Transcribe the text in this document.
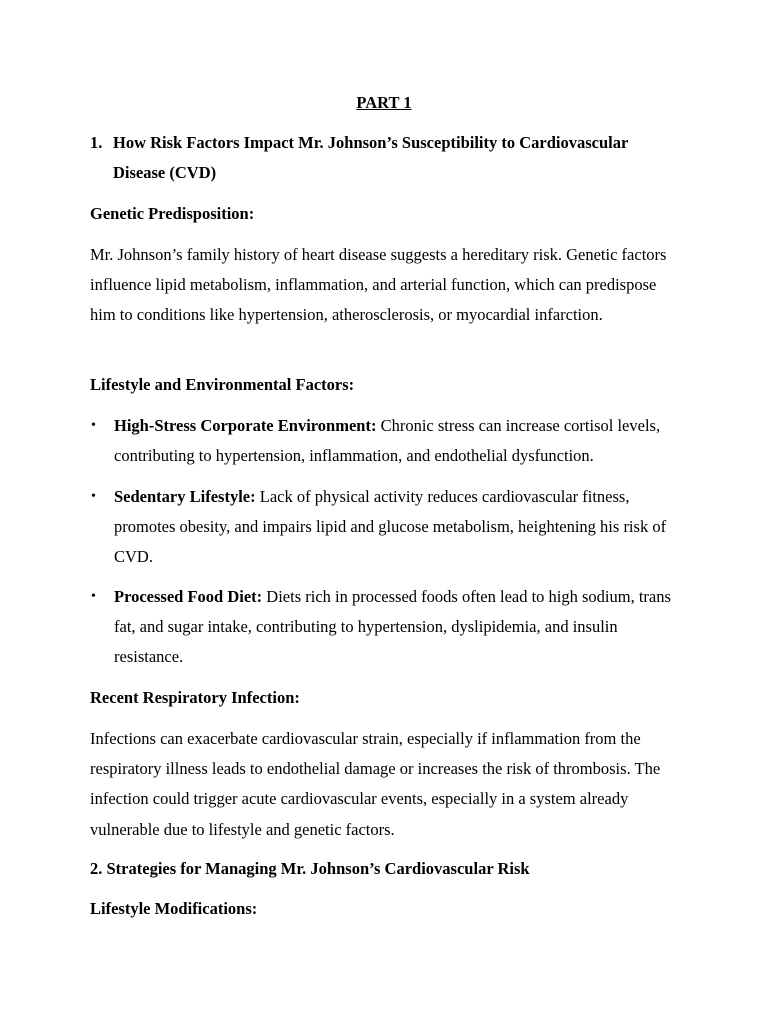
PART 1

1. How Risk Factors Impact Mr. Johnson’s Susceptibility to Cardiovascular Disease (CVD)

Genetic Predisposition:

Mr. Johnson’s family history of heart disease suggests a hereditary risk. Genetic factors influence lipid metabolism, inflammation, and arterial function, which can predispose him to conditions like hypertension, atherosclerosis, or myocardial infarction.

Lifestyle and Environmental Factors:

•	High-Stress Corporate Environment: Chronic stress can increase cortisol levels, contributing to hypertension, inflammation, and endothelial dysfunction.
•	Sedentary Lifestyle: Lack of physical activity reduces cardiovascular fitness, promotes obesity, and impairs lipid and glucose metabolism, heightening his risk of CVD.
•	Processed Food Diet: Diets rich in processed foods often lead to high sodium, trans fat, and sugar intake, contributing to hypertension, dyslipidemia, and insulin resistance.

Recent Respiratory Infection:

Infections can exacerbate cardiovascular strain, especially if inflammation from the respiratory illness leads to endothelial damage or increases the risk of thrombosis. The infection could trigger acute cardiovascular events, especially in a system already vulnerable due to lifestyle and genetic factors.

2. Strategies for Managing Mr. Johnson’s Cardiovascular Risk

Lifestyle Modifications:
